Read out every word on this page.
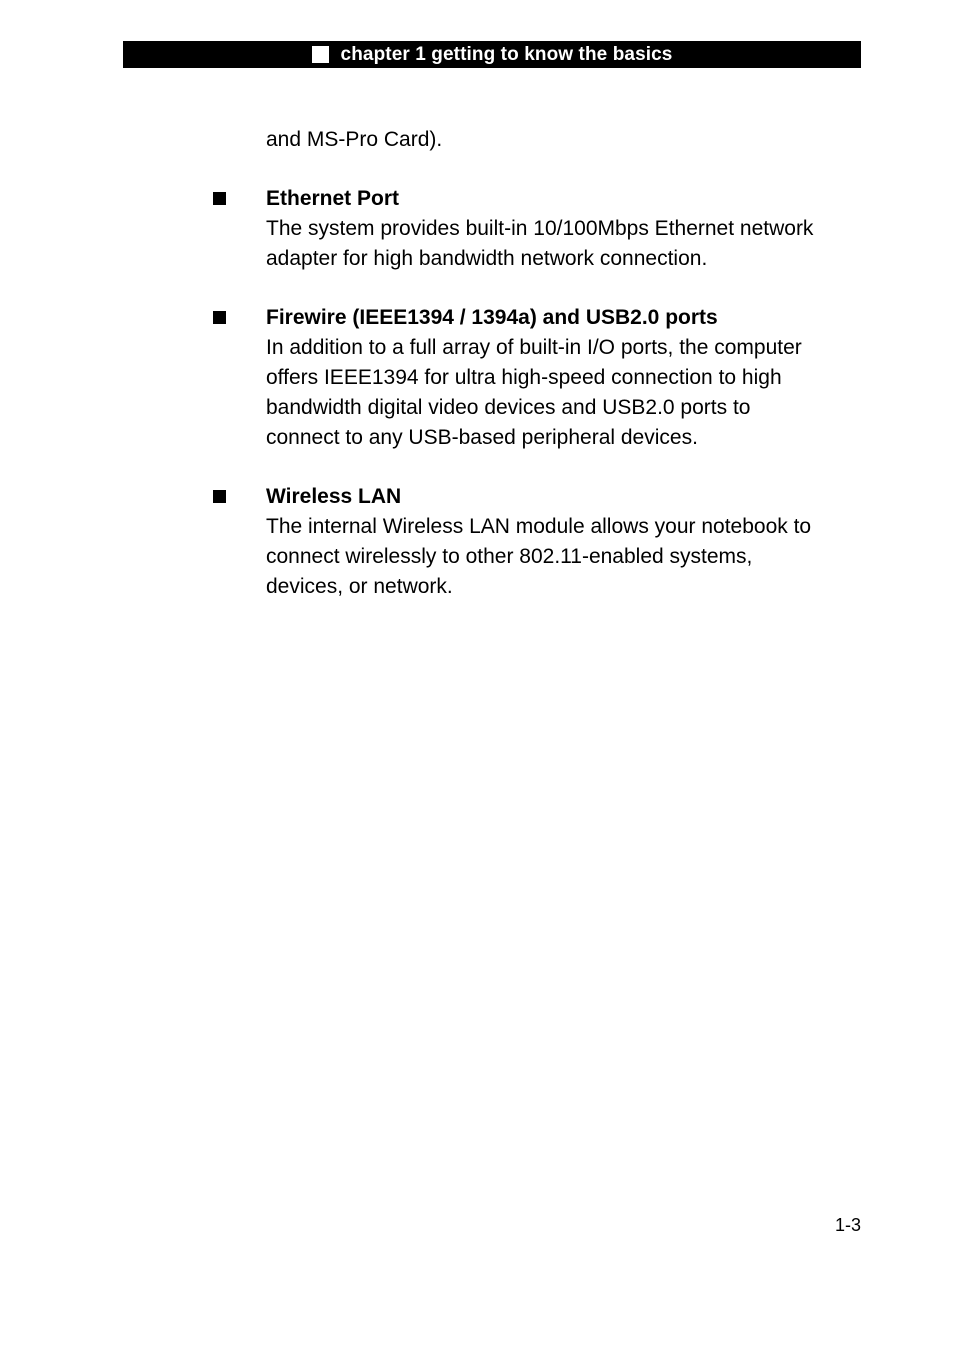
chapter 1 getting to know the basics

and MS-Pro Card).

Ethernet Port
The system provides built-in 10/100Mbps Ethernet network
adapter for high bandwidth network connection.
Firewire (IEEE1394 / 1394a) and USB2.0 ports
In addition to a full array of built-in I/O ports, the computer
offers IEEE1394 for ultra high-speed connection to high
bandwidth digital video devices and USB2.0 ports to
connect to any USB-based peripheral devices.
Wireless LAN
The internal Wireless LAN module allows your notebook to
connect wirelessly to other 802.11-enabled systems,
devices, or network.
1-3
